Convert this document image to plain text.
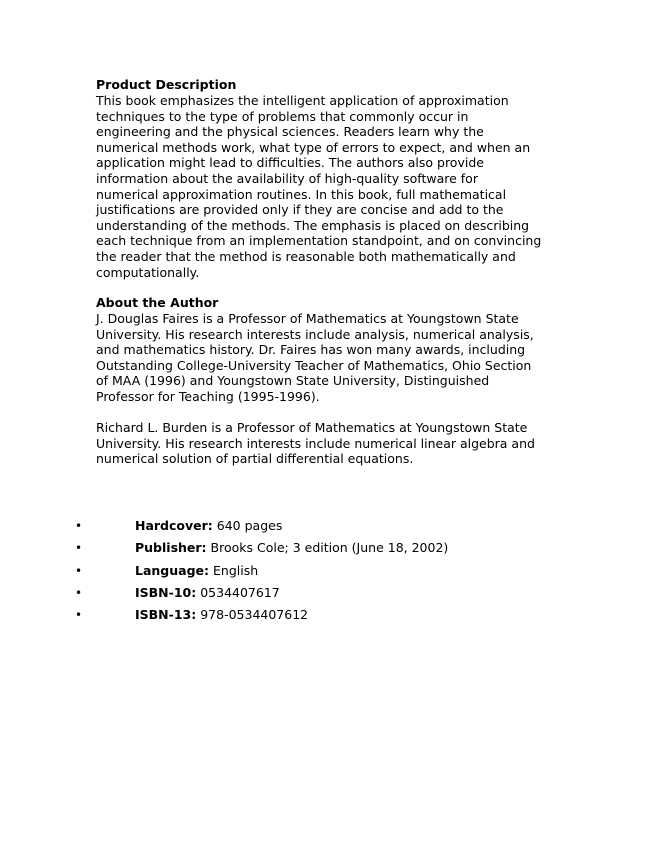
Product Description

This book emphasizes the intelligent application of approximation
techniques to the type of problems that commonly occur in
engineering and the physical sciences. Readers learn why the
numerical methods work, what type of errors to expect, and when an
application might lead to difficulties. The authors also provide
information about the availability of high-quality software for
numerical approximation routines. In this book, full mathematical
justifications are provided only if they are concise and add to the
understanding of the methods. The emphasis is placed on describing
each technique from an implementation standpoint, and on convincing
the reader that the method is reasonable both mathematically and
computationally.

About the Author

J. Douglas Faires is a Professor of Mathematics at Youngstown State
University. His research interests include analysis, numerical analysis,
and mathematics history. Dr. Faires has won many awards, including
Outstanding College-University Teacher of Mathematics, Ohio Section
of MAA (1996) and Youngstown State University, Distinguished
Professor for Teaching (1995-1996).

Richard L. Burden is a Professor of Mathematics at Youngstown State
University. His research interests include numerical linear algebra and
numerical solution of partial differential equations.

•	Hardcover: 640 pages
•	Publisher: Brooks Cole; 3 edition (June 18, 2002)
•	Language: English
•	ISBN-10: 0534407617
•	ISBN-13: 978-0534407612
